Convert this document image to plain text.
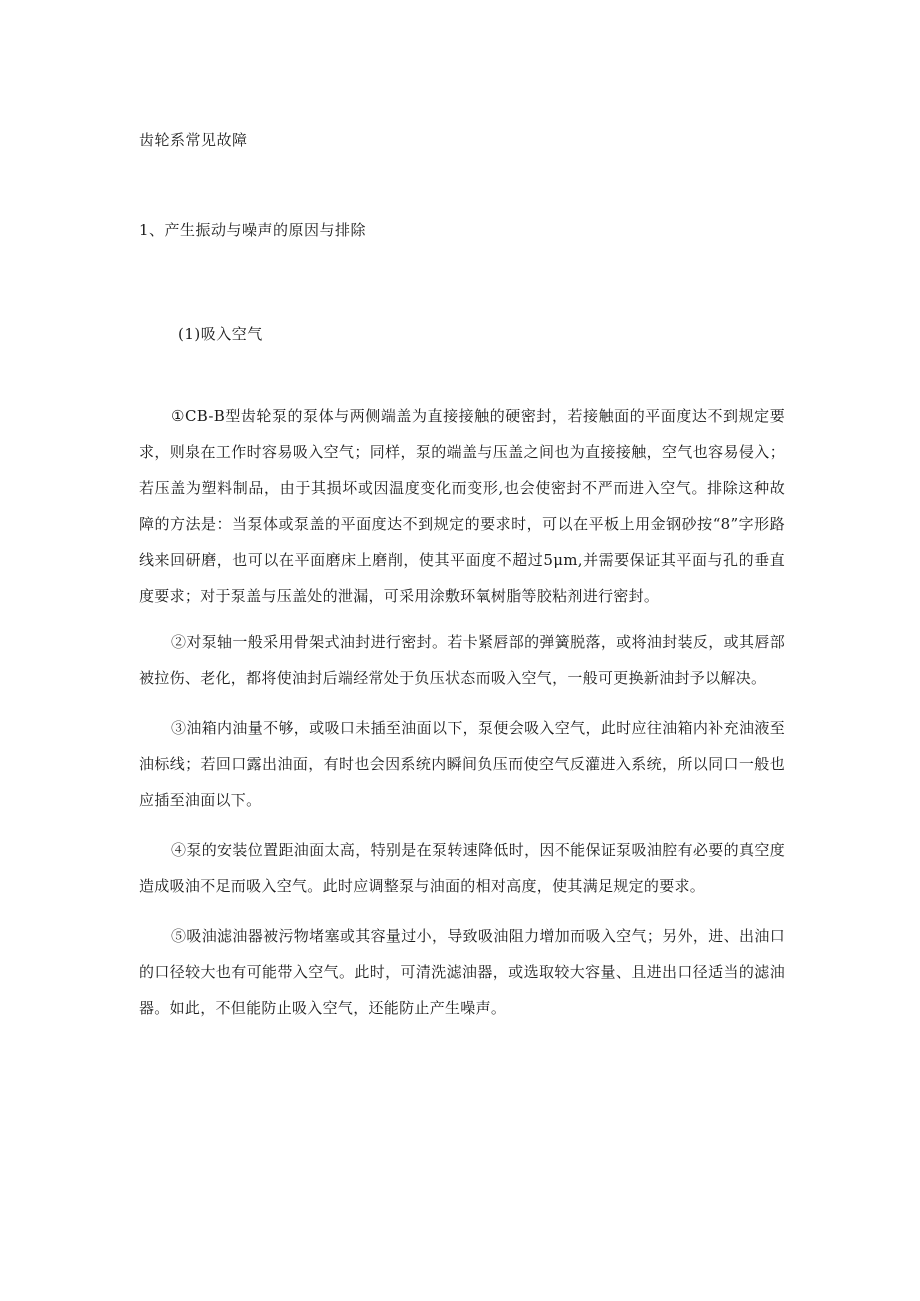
齿轮系常见故障
1、产生振动与噪声的原因与排除
(1)吸入空气

①CB-B型齿轮泵的泵体与两侧端盖为直接接触的硬密封，若接触面的平面度达不到规定要求，则泉在工作时容易吸入空气；同样，泵的端盖与压盖之间也为直接接触，空气也容易侵入；若压盖为塑料制品，由于其损坏或因温度变化而变形,也会使密封不严而进入空气。排除这种故障的方法是：当泵体或泵盖的平面度达不到规定的要求时，可以在平板上用金钢砂按“8”字形路线来回研磨，也可以在平面磨床上磨削，使其平面度不超过5μm,并需要保证其平面与孔的垂直度要求；对于泵盖与压盖处的泄漏，可采用涂敷环氧树脂等胶粘剂进行密封。

②对泵轴一般采用骨架式油封进行密封。若卡紧唇部的弹簧脱落，或将油封装反，或其唇部被拉伤、老化，都将使油封后端经常处于负压状态而吸入空气，一般可更换新油封予以解决。

③油箱内油量不够，或吸口未插至油面以下，泵便会吸入空气，此时应往油箱内补充油液至油标线；若回口露出油面，有时也会因系统内瞬间负压而使空气反灌进入系统，所以同口一般也应插至油面以下。

④泵的安装位置距油面太高，特别是在泵转速降低时，因不能保证泵吸油腔有必要的真空度造成吸油不足而吸入空气。此时应调整泵与油面的相对高度，使其满足规定的要求。

⑤吸油滤油器被污物堵塞或其容量过小，导致吸油阻力增加而吸入空气；另外，进、出油口的口径较大也有可能带入空气。此时，可清洗滤油器，或选取较大容量、且进出口径适当的滤油器。如此，不但能防止吸入空气，还能防止产生噪声。
